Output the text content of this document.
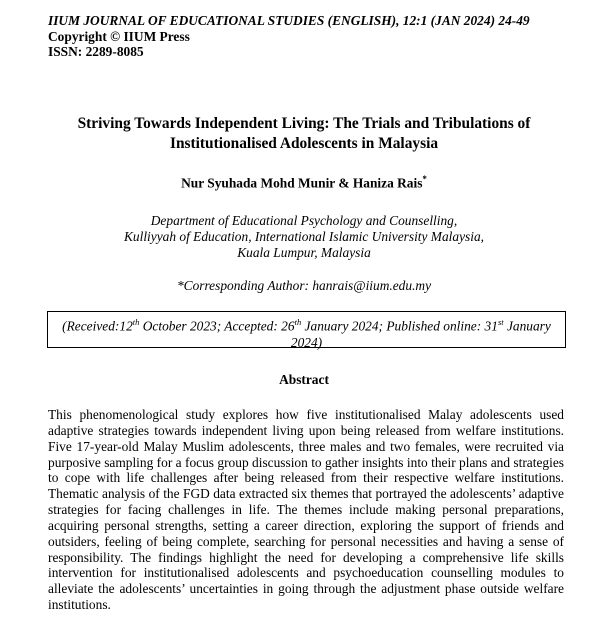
IIUM JOURNAL OF EDUCATIONAL STUDIES (ENGLISH), 12:1 (JAN 2024) 24-49
Copyright © IIUM Press
ISSN: 2289-8085
Striving Towards Independent Living: The Trials and Tribulations of Institutionalised Adolescents in Malaysia
Nur Syuhada Mohd Munir & Haniza Rais*
Department of Educational Psychology and Counselling,
Kulliyyah of Education, International Islamic University Malaysia,
Kuala Lumpur, Malaysia
*Corresponding Author: hanrais@iium.edu.my
(Received:12th October 2023; Accepted: 26th January 2024; Published online: 31st January 2024)
Abstract

This phenomenological study explores how five institutionalised Malay adolescents used adaptive strategies towards independent living upon being released from welfare institutions. Five 17-year-old Malay Muslim adolescents, three males and two females, were recruited via purposive sampling for a focus group discussion to gather insights into their plans and strategies to cope with life challenges after being released from their respective welfare institutions. Thematic analysis of the FGD data extracted six themes that portrayed the adolescents’ adaptive strategies for facing challenges in life. The themes include making personal preparations, acquiring personal strengths, setting a career direction, exploring the support of friends and outsiders, feeling of being complete, searching for personal necessities and having a sense of responsibility. The findings highlight the need for developing a comprehensive life skills intervention for institutionalised adolescents and psychoeducation counselling modules to alleviate the adolescents’ uncertainties in going through the adjustment phase outside welfare institutions.
